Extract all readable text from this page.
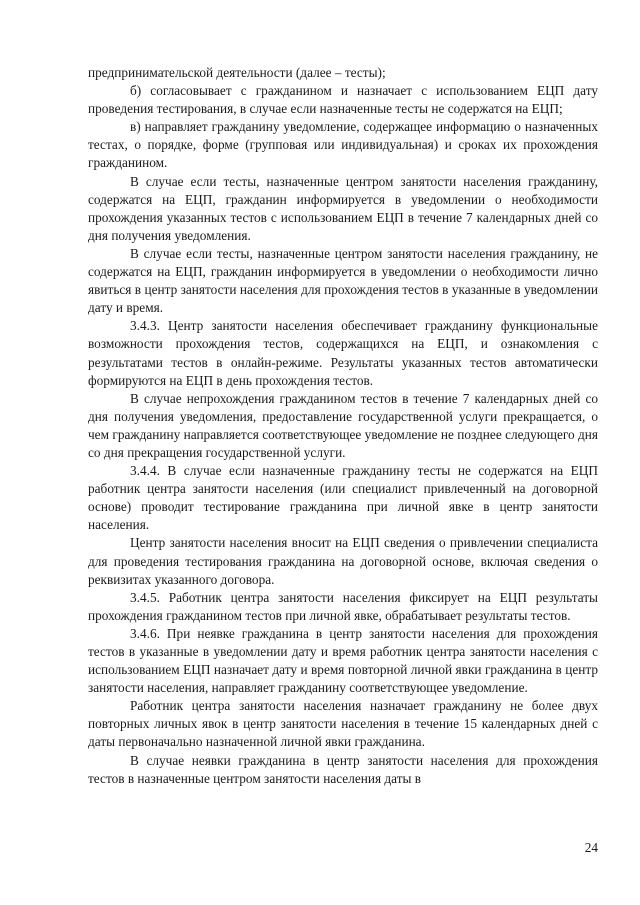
предпринимательской деятельности (далее – тесты);

б) согласовывает с гражданином и назначает с использованием ЕЦП дату проведения тестирования, в случае если назначенные тесты не содержатся на ЕЦП;

в) направляет гражданину уведомление, содержащее информацию о назначенных тестах, о порядке, форме (групповая или индивидуальная) и сроках их прохождения гражданином.

В случае если тесты, назначенные центром занятости населения гражданину, содержатся на ЕЦП, гражданин информируется в уведомлении о необходимости прохождения указанных тестов с использованием ЕЦП в течение 7 календарных дней со дня получения уведомления.

В случае если тесты, назначенные центром занятости населения гражданину, не содержатся на ЕЦП, гражданин информируется в уведомлении о необходимости лично явиться в центр занятости населения для прохождения тестов в указанные в уведомлении дату и время.

3.4.3. Центр занятости населения обеспечивает гражданину функциональные возможности прохождения тестов, содержащихся на ЕЦП, и ознакомления с результатами тестов в онлайн-режиме. Результаты указанных тестов автоматически формируются на ЕЦП в день прохождения тестов.

В случае непрохождения гражданином тестов в течение 7 календарных дней со дня получения уведомления, предоставление государственной услуги прекращается, о чем гражданину направляется соответствующее уведомление не позднее следующего дня со дня прекращения государственной услуги.

3.4.4. В случае если назначенные гражданину тесты не содержатся на ЕЦП работник центра занятости населения (или специалист привлеченный на договорной основе) проводит тестирование гражданина при личной явке в центр занятости населения.

Центр занятости населения вносит на ЕЦП сведения о привлечении специалиста для проведения тестирования гражданина на договорной основе, включая сведения о реквизитах указанного договора.

3.4.5. Работник центра занятости населения фиксирует на ЕЦП результаты прохождения гражданином тестов при личной явке, обрабатывает результаты тестов.

3.4.6. При неявке гражданина в центр занятости населения для прохождения тестов в указанные в уведомлении дату и время работник центра занятости населения с использованием ЕЦП назначает дату и время повторной личной явки гражданина в центр занятости населения, направляет гражданину соответствующее уведомление.

Работник центра занятости населения назначает гражданину не более двух повторных личных явок в центр занятости населения в течение 15 календарных дней с даты первоначально назначенной личной явки гражданина.

В случае неявки гражданина в центр занятости населения для прохождения тестов в назначенные центром занятости населения даты в

24
